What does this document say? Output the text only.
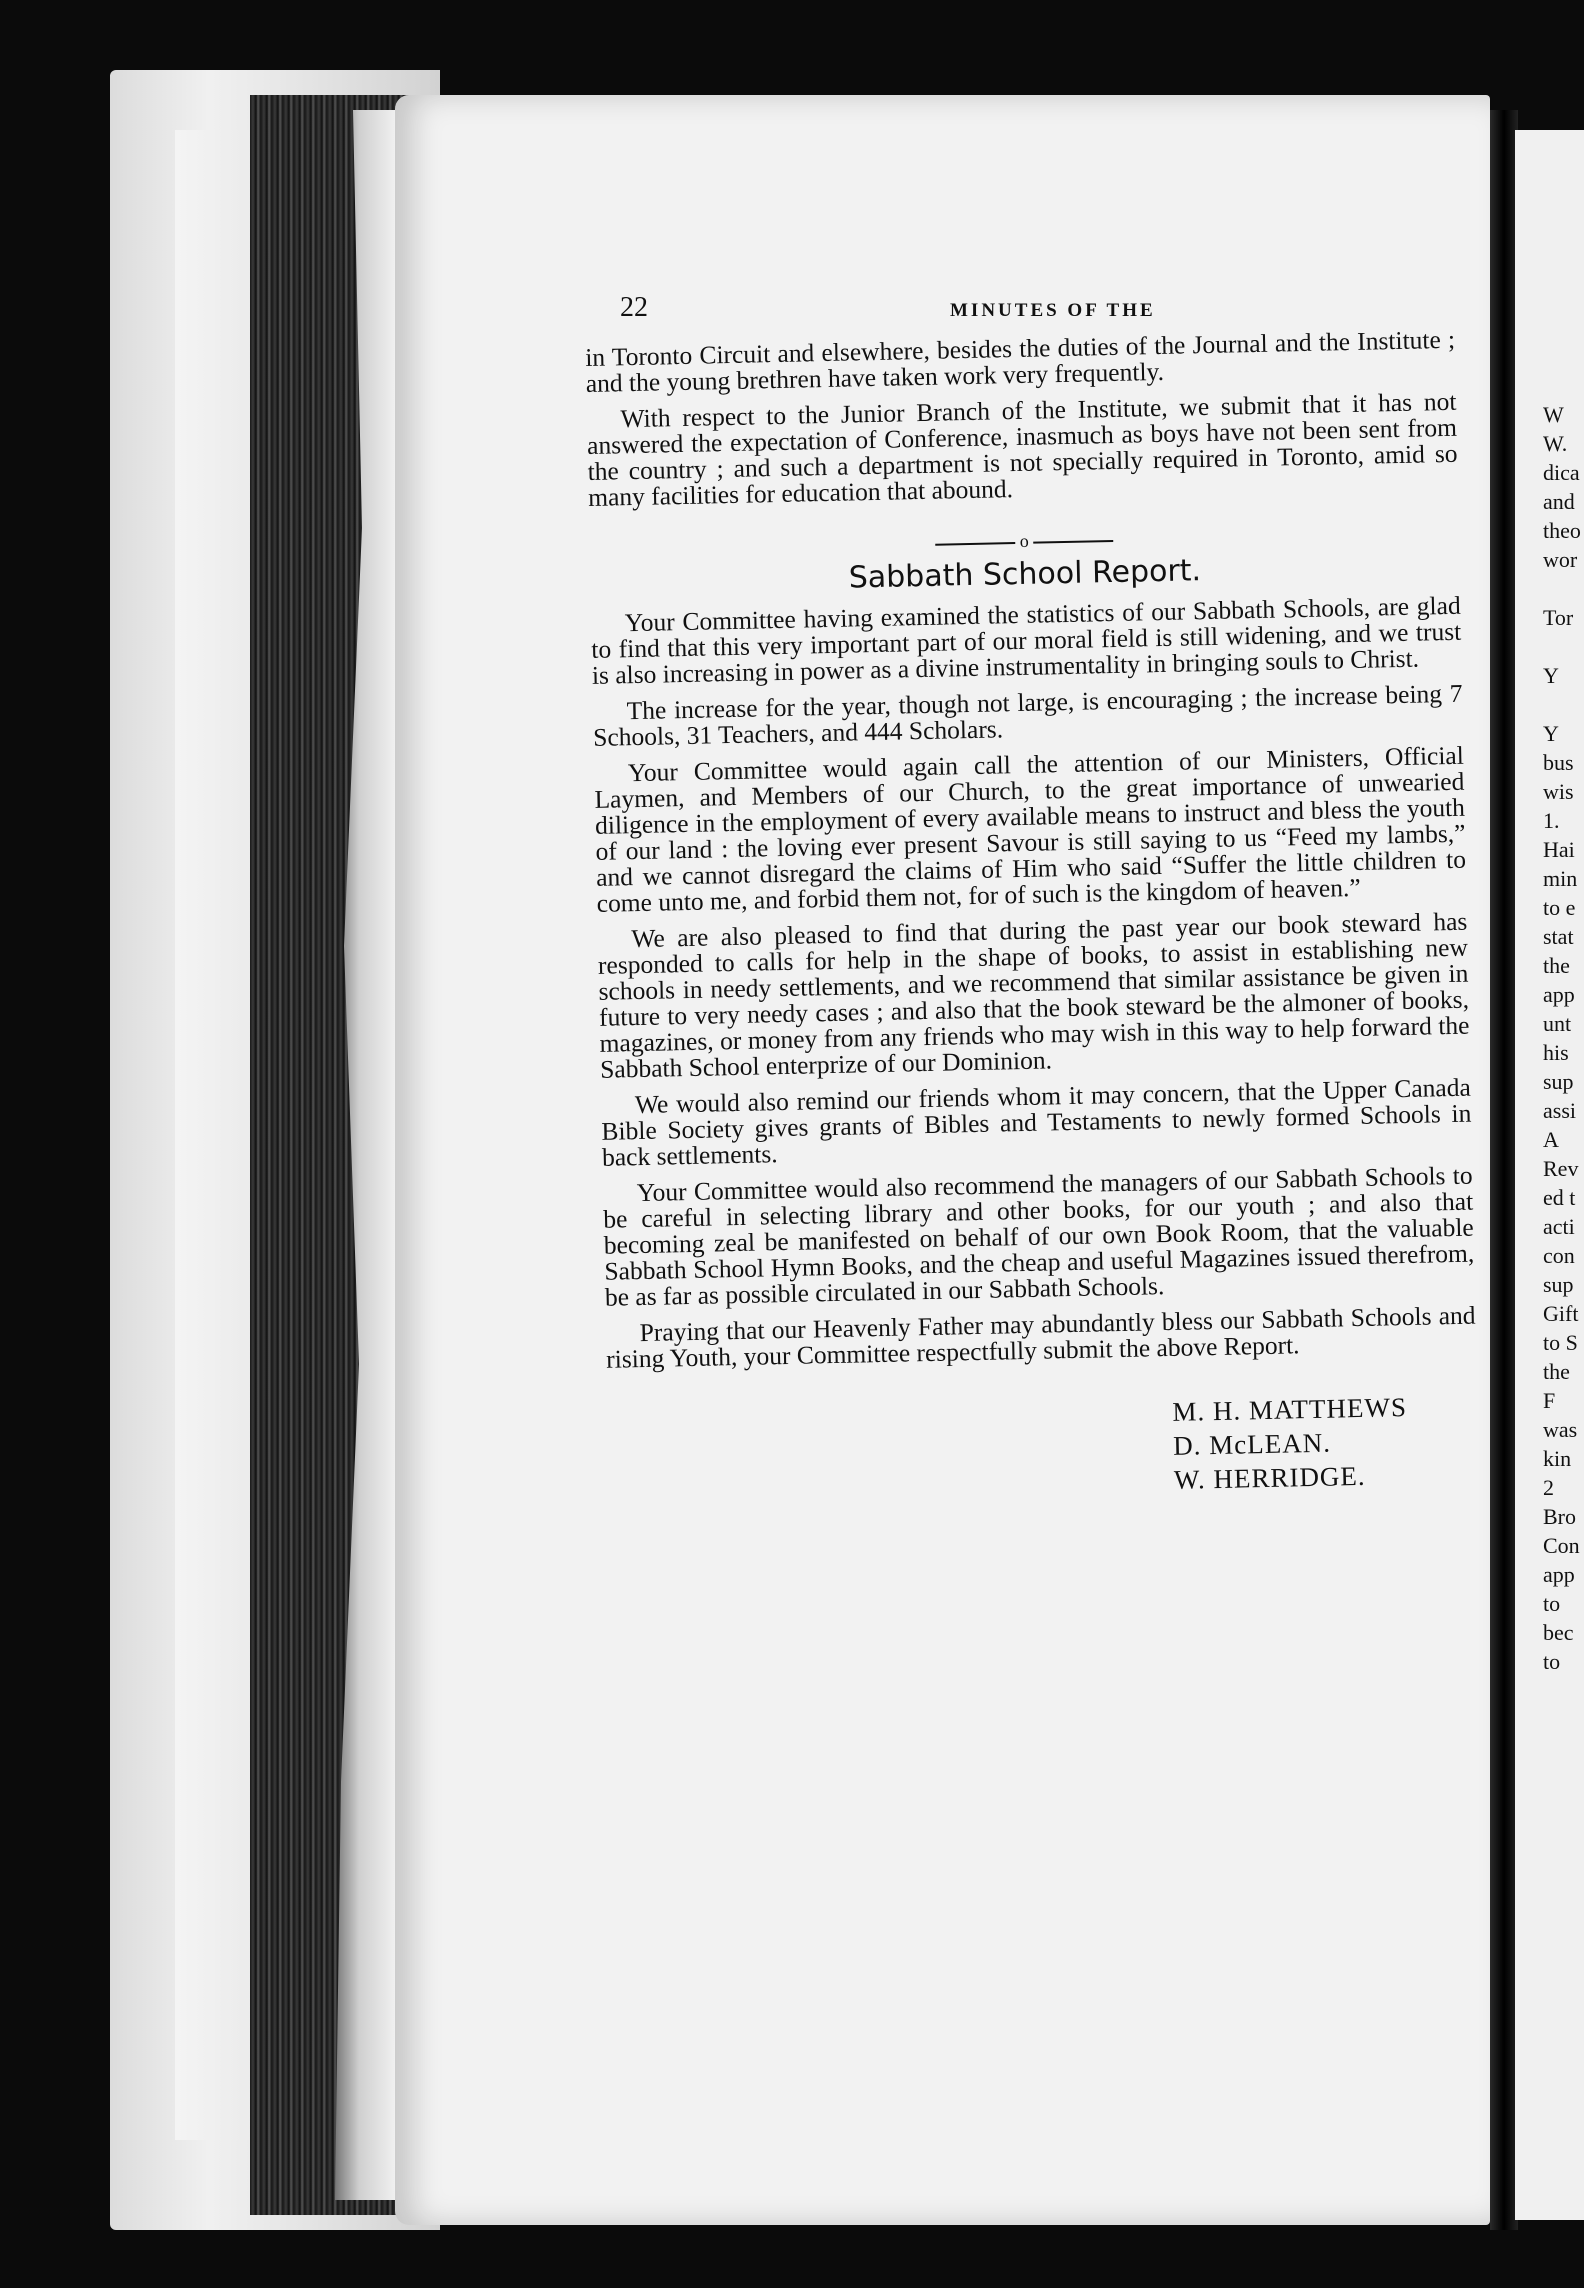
22	MINUTES OF THE

in Toronto Circuit and elsewhere, besides the duties of the Journal and the Institute ; and the young brethren have taken work very frequently.

With respect to the Junior Branch of the Institute, we submit that it has not answered the expectation of Conference, inasmuch as boys have not been sent from the country ; and such a department is not specially required in Toronto, amid so many facilities for education that abound.

o
Sabbath School Report.

Your Committee having examined the statistics of our Sabbath Schools, are glad to find that this very important part of our moral field is still widening, and we trust is also increasing in power as a divine instrumentality in bringing souls to Christ.

The increase for the year, though not large, is encouraging ; the increase being 7 Schools, 31 Teachers, and 444 Scholars.

Your Committee would again call the attention of our Ministers, Official Laymen, and Members of our Church, to the great importance of unwearied diligence in the employment of every available means to instruct and bless the youth of our land : the loving ever present Savour is still saying to us “Feed my lambs,” and we cannot disregard the claims of Him who said “Suffer the little children to come unto me, and forbid them not, for of such is the kingdom of heaven.”

We are also pleased to find that during the past year our book steward has responded to calls for help in the shape of books, to assist in establishing new schools in needy settlements, and we recommend that similar assistance be given in future to very needy cases ; and also that the book steward be the almoner of books, magazines, or money from any friends who may wish in this way to help forward the Sabbath School enterprize of our Dominion.

We would also remind our friends whom it may concern, that the Upper Canada Bible Society gives grants of Bibles and Testaments to newly formed Schools in back settlements.

Your Committee would also recommend the managers of our Sabbath Schools to be careful in selecting library and other books, for our youth ; and also that becoming zeal be manifested on behalf of our own Book Room, that the valuable Sabbath School Hymn Books, and the cheap and useful Magazines issued therefrom, be as far as possible circulated in our Sabbath Schools.

Praying that our Heavenly Father may abundantly bless our Sabbath Schools and rising Youth, your Committee respectfully submit the above Report.

M. H. MATTHEWS
D. McLEAN.
W. HERRIDGE.
W
W.
dica
and
theo
wor
Tor
Y
Y
bus
wis
1.
Hai
min
to e
stat
the
app
unt
his
sup
assi
A
Rev
ed t
acti
con
sup
Gift
to S
the
F
was
kin
2
Bro
Con
app
to
bec
to
